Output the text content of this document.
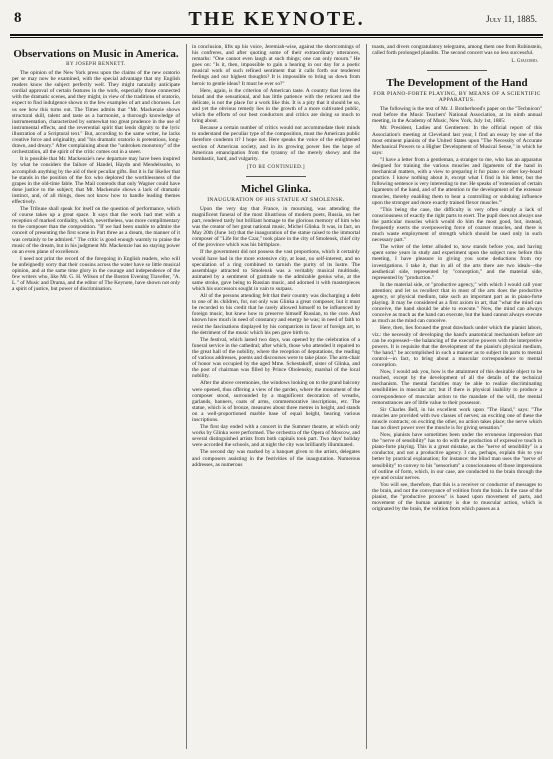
8	THE KEYNOTE.	July 11, 1885.
Observations on Music in America.
BY JOSEPH BENNETT.

The opinion of the New York press upon the claims of the new oratorio per se may now be examined, with the special advantage that my English readers know the subject perfectly well. They might naturally anticipate cordial approval of certain features in the work, especially those connected with the dramatic scenes, and they might, in view of the traditions of oratorio, expect to find indulgence shown to the few examples of art and choruses. Let us see how this turns out. The Times admits that "Mr. Mackenzie shows structural skill, talent and taste as a harmonist, a thorough knowledge of instrumentation, characterized by somewhat too great prudence in the use of instrumental effects, and the reverential spirit that lends dignity to the lyric illustration of a Scriptural text." But, according to the same writer, he lacks creative force and originality, and "his dramatic oratorio is pretentious, long-drawn, and dreary." After complaining about the "unbroken monotony" of the orchestration, all the spirit of the critic comes out in a sneer.

It is possible that Mr. Mackenzie's new departure may have been inspired by what he considers the failure of Handel, Haydn and Mendelssohn, to accomplish anything by the aid of their peculiar gifts. But it is far likelier that he stands in the position of the fox who deplored the worthlessness of the grapes in the old-time fable. The Mail contends that only Wagner could have done justice to the subject; that Mr. Mackenzie shows a lack of dramatic instinct, and, of all things, does not know how to handle leading themes effectively.

The Tribune shall speak for itself on the question of performance, which of course takes up a great space. It says that the work had met with a reception of marked cordiality, which, nevertheless, was more complimentary to the composer than the composition. "If we had been unable to admire the conceit of presenting the first scene in Part three as a dream, the manner of it was certainly to be admired." The critic is good enough warmly to praise the music of the dream, but in his judgment Mr. Mackenzie has no staying power on an even plane of excellence.

I need not print the record of the foregoing in English readers, who will be unfeignedly sorry that their cousins across the water have so little musical opinion, and at the same time glory in the courage and independence of the few writers who, like Mr. G. H. Wilson of the Boston Evening Traveller, "A. L." of Music and Drama, and the editor of The Keynote, have shown not only a spirit of justice, but power of discrimination.

in conclusion, lifts up his voice, Jeremiah-wise, against the shortcomings of his confreres, and after quoting some of their extraordinary utterances, remarks: "One cannot even laugh at such things; one can only mourn." He goes on: "Is it, then, impossible to gain a hearing in our day for a poetic musical work of such refined sentiment that it calls forth our tenderest feelings and our highest thoughts? It is impossible to bring us down from heroic to gentle ideas? It must be ever so?"

Here, again, is the criterion of American taste. A country that loves the broad and the sensational, and has little patience with the reticent and the delicate, is not the place for a work like this. It is a pity that it should be so, and yet the obvious remedy lies in the growth of a more cultivated public, which the efforts of our best conductors and critics are doing so much to bring about.

Because a certain number of critics would not accommodate their minds to understand the peculiar type of the composition, must the American public therefore condemn it? I hope not. Here speaks the voice of the enlightened section of American society, and in its growing power lies the hope of American emancipation from the tyranny of the merely showy and the bombastic, hard, and vulgarity.

[TO BE CONTINUED.]
Michel Glinka.
INAUGURATION OF HIS STATUE AT SMOLENSK.

Upon the very day that France, in mourning, was attending the magnificent funeral of the most illustrious of modern poets, Russia, on her part, rendered tardy but brilliant homage to the glorious memory of him who was the creator of her great national music, Michel Glinka. It was, in fact, on May 20th (June 1st) that the inauguration of the statue raised to the immortal composer of "Life for the Czar," took place in the city of Smolensk, chief city of the province which was his birthplace.

If the government did not possess the vast proportions, which it certainly would have had in the more extensive city, at least, no self-interest, and no speculation of a ring combined to tarnish the purity of its lustre. The assemblage attracted to Smolensk was a veritably musical multitude, animated by a sentiment of gratitude to the admirable genius who, at the same stroke, gave being to Russian music, and adorned it with masterpieces which his successors sought in vain to surpass.

All of the persons attending felt that their country was discharging a debt to one of its children, for, not only was Glinka a great composer, but it must be recorded to his credit that he rarely allowed himself to be influenced by foreign music, but knew how to preserve himself Russian, to the core. And known how much in need of constancy and energy he was; in need of faith to resist the fascinations displayed by his compatriots in favor of foreign art, to the detriment of the music which his pen gave birth to.

The festival, which lasted two days, was opened by the celebration of a funeral service in the cathedral; after which, those who attended it repaired to the great hall of the nobility, where the reception of deputations, the reading of various addresses, poems and discourses were to take place. The arm-chair of honor was occupied by the aged Mme. Schestakoff, sister of Glinka, and the post of chairman was filled by Prince Obolensky, marshal of the local nobility.

After the above ceremonies, the windows looking on to the grand balcony were opened, thus offering a view of the garden, where the monument of the composer stood, surrounded by a magnificent decoration of wreaths, garlands, banners, coats of arms, commemorative inscriptions, etc. The statue, which is of bronze, measures about three metres in height, and stands on a well-proportioned marble base of equal height, bearing various inscriptions.

The first day ended with a concert in the Summer theatre, at which only works by Glinka were performed. The orchestra of the Opera of Moscow, and several distinguished artists from both capitals took part. Two days' holiday were accorded the schools, and at night the city was brilliantly illuminated.

The second day was marked by a banquet given to the artists, delegates and composers assisting in the festivities of the inauguration. Numerous addresses, as numerous

toasts, and divers congratulatory telegrams, among them one from Rubinstein, called forth prolonged plaudits. The second concert was no less successful.

L. Giacomo.
The Development of the Hand
FOR PIANO-FORTE PLAYING, BY MEANS OF A SCIENTIFIC APPARATUS.

The following is the text of Mr. J. Brotherhood's paper on the "Technicon" read before the Music Teachers' National Association, at its ninth annual meeting, in the Academy of Music, New York, July 1st, 1885:

Mr. President, Ladies and Gentlemen: In the official report of this Association's meeting at Cleveland last year, I find an essay by one of the most eminent pianists of the United States upon "The Necessity of Accurate Mechanical Powers to a Higher Development of Musical Sense," in which he says:

"I have a letter from a gentleman, a stranger to me, who has an apparatus designed for training the various muscles and ligaments of the hand in mechanical matters, with a view to preparing it for piano or other key-board practice. I know nothing about it, except what I find in his letter, but the following sentence is very interesting to me: He speaks of 'extension of certain ligaments of the hand, and of the attention to the development of the extensor muscles, thereby enabling them to bear a controlling or subduing influence upon the stronger and more exactly trained flexor muscles.'"

"This being the case, the difficulty is very often simply a lack of consciousness of exactly the right parts to exert. The pupil does not always use the particular muscles which would do him the most good, but, instead, frequently exerts the overpowering force of coarser muscles, and there is much waste employment of strength which should be used only in such necessary part."

The writer of the letter alluded to, now stands before you, and having spent some years in study and experiment upon the subject now before this meeting, I have pleasure in giving you some deductions from my investigations. I take it, that in all of the arts there are two ideals—the aesthetical side, represented by "conception," and the material side, represented by "production."

In the material side, or "productive agency," with which I would call your attention; and let us recollect that in most of the arts does the productive agency, or physical medium, take such an important part as in piano-forte playing. It may be considered as a first axiom in art, that "what the mind can conceive, the hand should be able to execute." Now, the mind can always conceive as much as the hand can execute, but the hand cannot always execute as much as the mind can conceive.

Here, then, lies focused the great drawback under which the pianist labors, viz.: the necessity of developing the hand's anatomical mechanism before art can be expressed—the balancing of the executive powers with the interpretive powers. It is requisite that the development of the pianist's physical medium, "the hand," be accomplished in such a manner as to subject its parts to mental control—in fact, to bring about a muscular correspondence to mental conception.

Now, I would ask you, how is the attainment of this desirable object to be reached, except by the development of all the details of the technical mechanism. The mental faculties may be able to realize discriminating sensibilities in muscular act; but if there is physical inability to produce a correspondence of muscular action to the mandate of the will, the mental remonstrances are of little value to their possessor.

Sir Charles Bell, in his excellent work upon "The Hand," says: "The muscles are provided with two classes of nerves; an exciting one of these the muscle contracts; on exciting the other, no action takes place; the nerve which has no direct power over the muscle is for giving sensation."

Now, pianists have sometimes been under the erroneous impression that the "nerve of sensibility" has to do with the production of expressive touch in piano-forte playing. This is a great mistake, as the "nerve of sensibility" is a conductor, and not a productive agency. I can, perhaps, explain this to you better by practical explanation; for instance: the blind man uses the "nerve of sensibility" to convey to his "sensorium" a consciousness of those impressions of outline of form, which, in our case, are conducted to the brain through the eye and ocular nerves.

You will see, therefore, that this is a receiver or conductor of messages to the brain, and not the conveyance of volition from the brain. In the case of the pianist, the "productive process" is based upon movement of parts, and movement of the human anatomy is due to muscular action, which is originated by the brain, the volition from which passes as a
